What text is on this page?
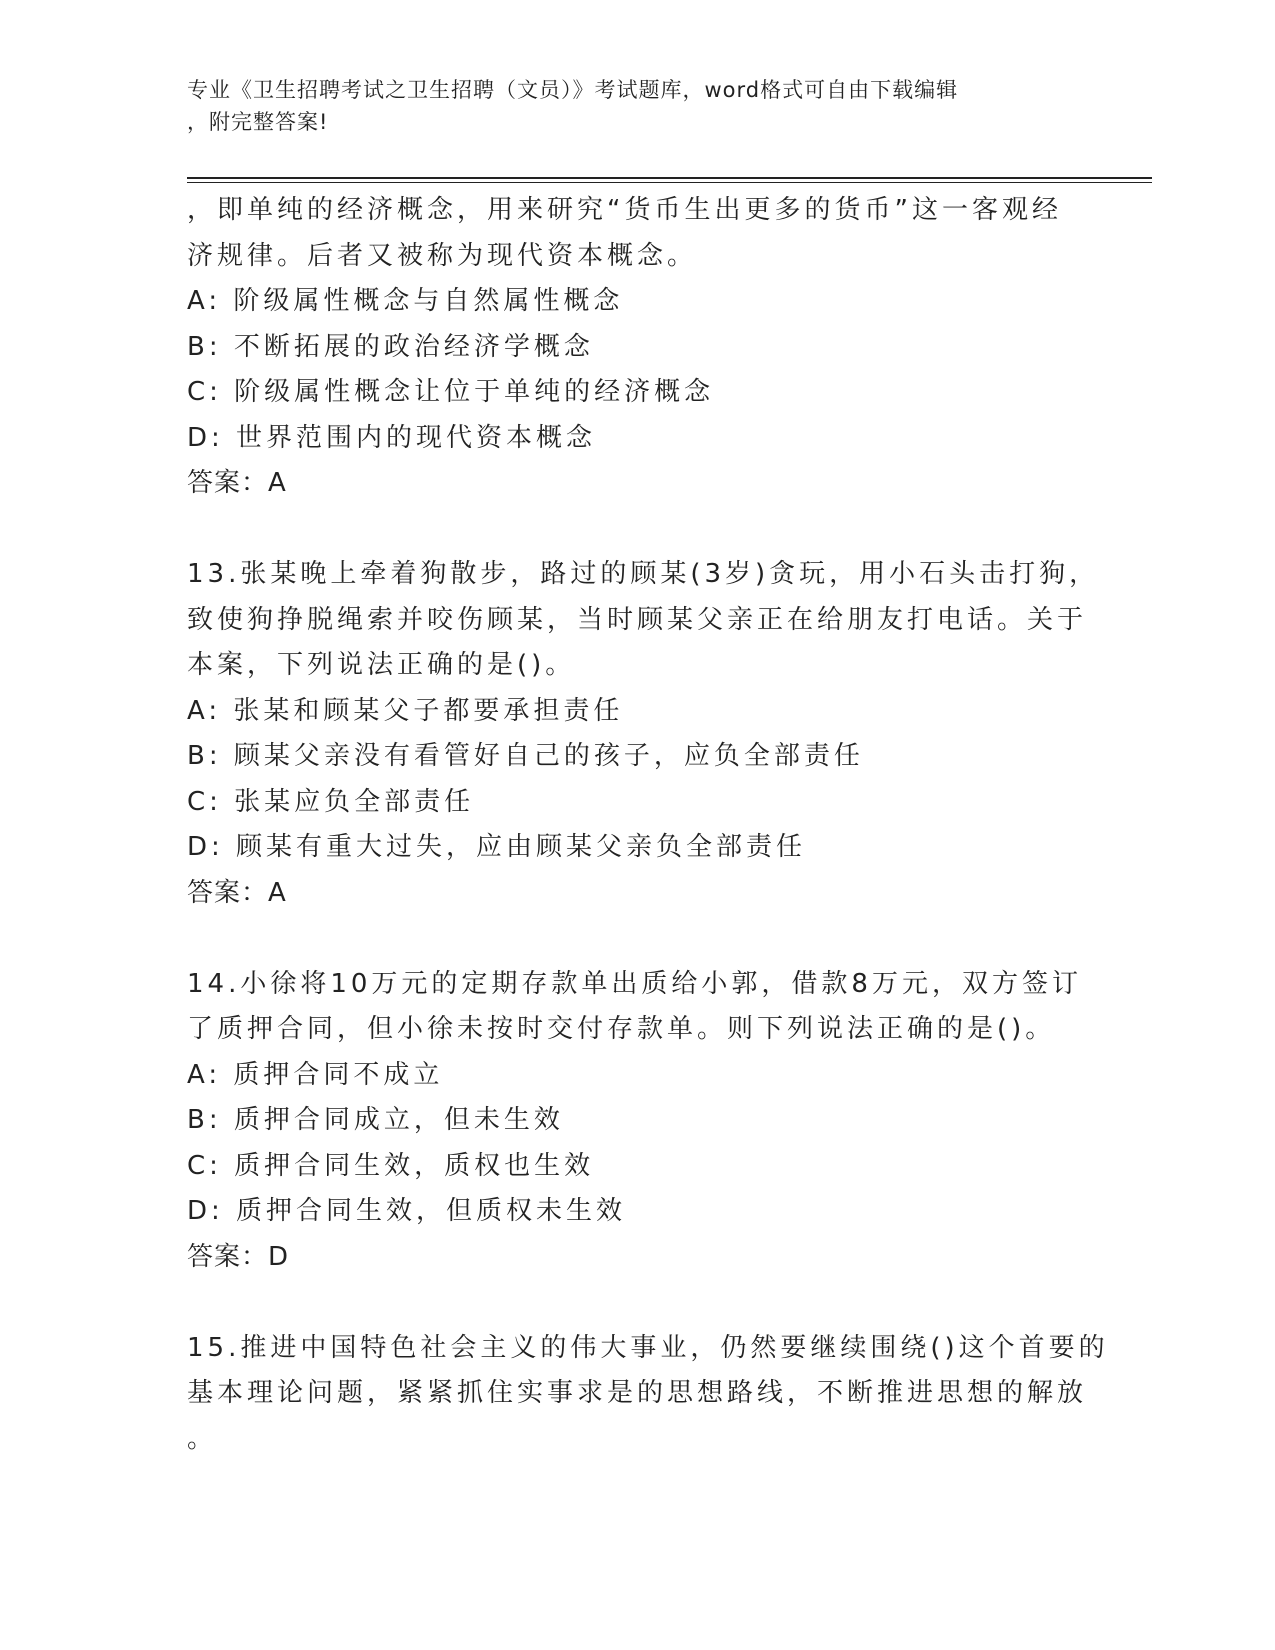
专业《卫生招聘考试之卫生招聘（文员）》考试题库，word格式可自由下载编辑
，附完整答案!
，即单纯的经济概念，用来研究“货币生出更多的货币”这一客观经
济规律。后者又被称为现代资本概念。
A: 阶级属性概念与自然属性概念
B: 不断拓展的政治经济学概念
C: 阶级属性概念让位于单纯的经济概念
D: 世界范围内的现代资本概念
答案：A
13.张某晚上牵着狗散步，路过的顾某(3岁)贪玩，用小石头击打狗，
致使狗挣脱绳索并咬伤顾某，当时顾某父亲正在给朋友打电话。关于
本案，下列说法正确的是()。
A: 张某和顾某父子都要承担责任
B: 顾某父亲没有看管好自己的孩子，应负全部责任
C: 张某应负全部责任
D: 顾某有重大过失，应由顾某父亲负全部责任
答案：A
14.小徐将10万元的定期存款单出质给小郭，借款8万元，双方签订
了质押合同，但小徐未按时交付存款单。则下列说法正确的是()。
A: 质押合同不成立
B: 质押合同成立，但未生效
C: 质押合同生效，质权也生效
D: 质押合同生效，但质权未生效
答案：D
15.推进中国特色社会主义的伟大事业，仍然要继续围绕()这个首要的
基本理论问题，紧紧抓住实事求是的思想路线，不断推进思想的解放
。
